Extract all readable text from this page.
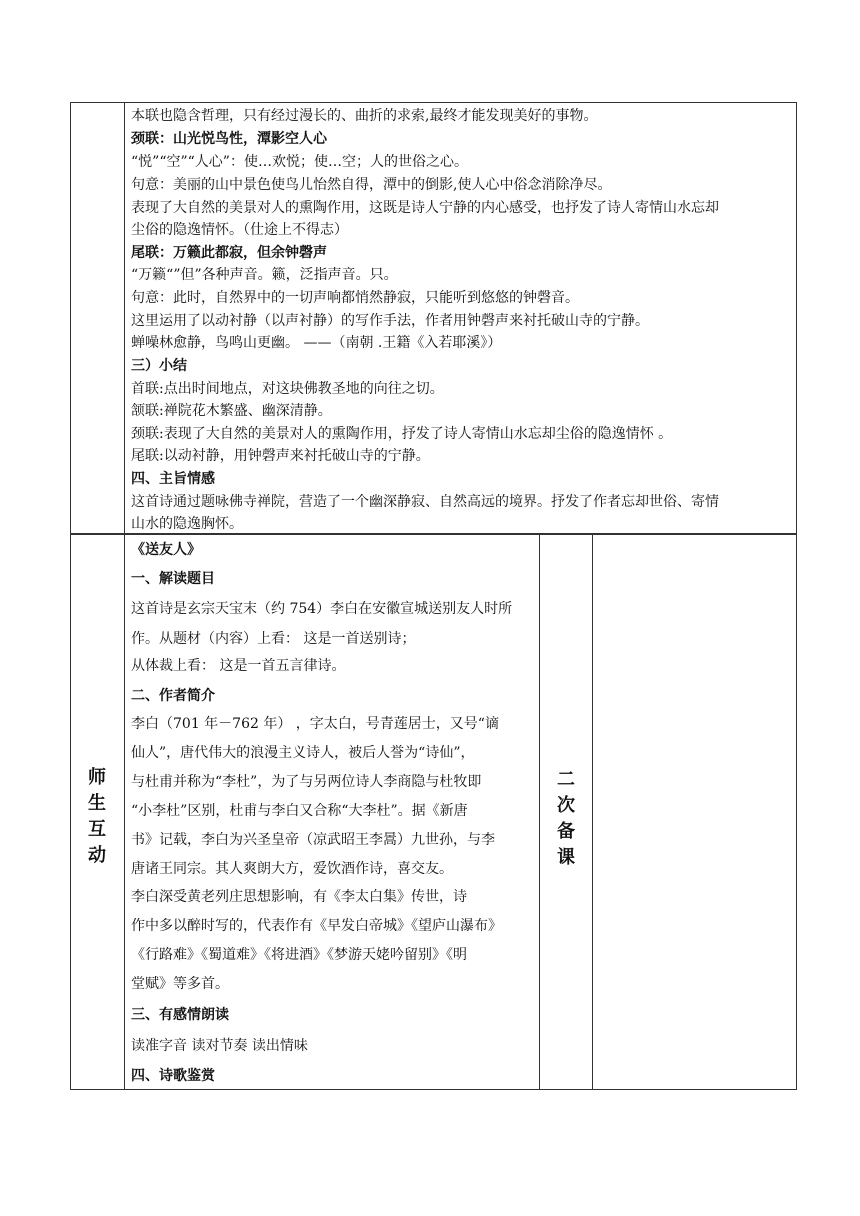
本联也隐含哲理，只有经过漫长的、曲折的求索,最终才能发现美好的事物。
颈联：山光悦鸟性，潭影空人心
“悦”“空”“人心”：使…欢悦；使…空；人的世俗之心。
句意：美丽的山中景色使鸟儿怡然自得，潭中的倒影,使人心中俗念消除净尽。
表现了大自然的美景对人的熏陶作用，这既是诗人宁静的内心感受，也抒发了诗人寄情山水忘却
尘俗的隐逸情怀。（仕途上不得志）
尾联：万籁此都寂，但余钟磬声
“万籁“”但”各种声音。籁，泛指声音。只。
句意：此时，自然界中的一切声响都悄然静寂，只能听到悠悠的钟磬音。
这里运用了以动衬静（以声衬静）的写作手法，作者用钟磬声来衬托破山寺的宁静。
蝉噪林愈静，鸟鸣山更幽。 ——（南朝 .王籍《入若耶溪》）
三）小结
首联:点出时间地点，对这块佛教圣地的向往之切。
颔联:禅院花木繁盛、幽深清静。
颈联:表现了大自然的美景对人的熏陶作用，抒发了诗人寄情山水忘却尘俗的隐逸情怀 。
尾联:以动衬静，用钟磬声来衬托破山寺的宁静。
四、主旨情感
这首诗通过题咏佛寺禅院，营造了一个幽深静寂、自然高远的境界。抒发了作者忘却世俗、寄情
山水的隐逸胸怀。
师
生
互
动
二
次
备
课
《送友人》
一、解读题目
这首诗是玄宗天宝末（约 754）李白在安徽宣城送别友人时所
作。从题材（内容）上看： 这是一首送别诗；
从体裁上看： 这是一首五言律诗。
二、作者简介
李白（701 年－762 年） ，字太白，号青莲居士，又号“谪
仙人”，唐代伟大的浪漫主义诗人，被后人誉为“诗仙”，
与杜甫并称为“李杜”，为了与另两位诗人李商隐与杜牧即
“小李杜”区别，杜甫与李白又合称“大李杜”。据《新唐
书》记载，李白为兴圣皇帝（凉武昭王李暠）九世孙，与李
唐诸王同宗。其人爽朗大方，爱饮酒作诗，喜交友。
李白深受黄老列庄思想影响，有《李太白集》传世，诗
作中多以醉时写的，代表作有《早发白帝城》《望庐山瀑布》
《行路难》《蜀道难》《将进酒》《梦游天姥吟留别》《明
堂赋》等多首。
三、有感情朗读
读准字音 读对节奏 读出情味
四、诗歌鉴赏
